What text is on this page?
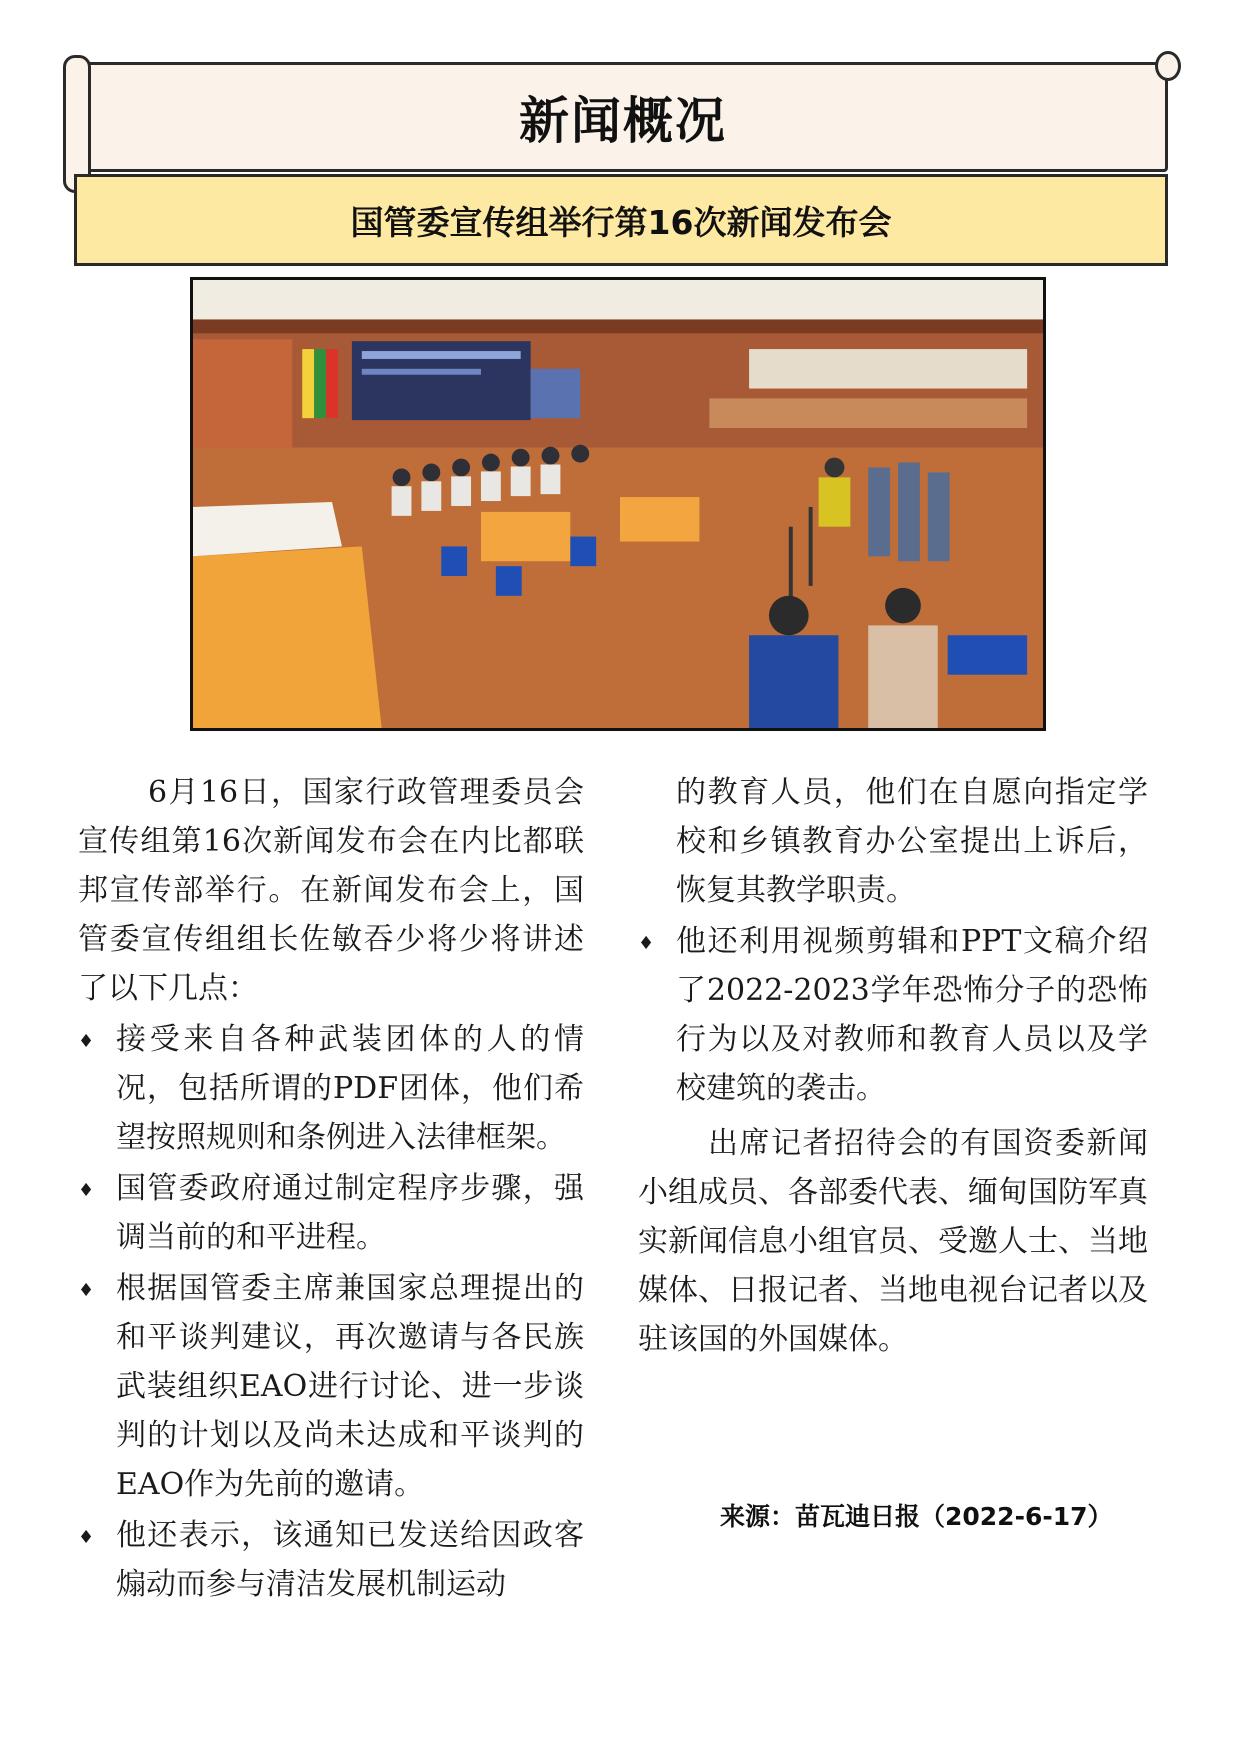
新闻概况
国管委宣传组举行第16次新闻发布会

6月16日，国家行政管理委员会宣传组第16次新闻发布会在内比都联邦宣传部举行。在新闻发布会上，国管委宣传组组长佐敏吞少将少将讲述了以下几点：

♦ 接受来自各种武装团体的人的情况，包括所谓的PDF团体，他们希望按照规则和条例进入法律框架。
♦ 国管委政府通过制定程序步骤，强调当前的和平进程。
♦ 根据国管委主席兼国家总理提出的和平谈判建议，再次邀请与各民族武装组织EAO进行讨论、进一步谈判的计划以及尚未达成和平谈判的EAO作为先前的邀请。
♦ 他还表示，该通知已发送给因政客煽动而参与清洁发展机制运动

的教育人员，他们在自愿向指定学校和乡镇教育办公室提出上诉后，恢复其教学职责。

♦ 他还利用视频剪辑和PPT文稿介绍了2022-2023学年恐怖分子的恐怖行为以及对教师和教育人员以及学校建筑的袭击。

出席记者招待会的有国资委新闻小组成员、各部委代表、缅甸国防军真实新闻信息小组官员、受邀人士、当地媒体、日报记者、当地电视台记者以及驻该国的外国媒体。

来源：苗瓦迪日报（2022-6-17）
